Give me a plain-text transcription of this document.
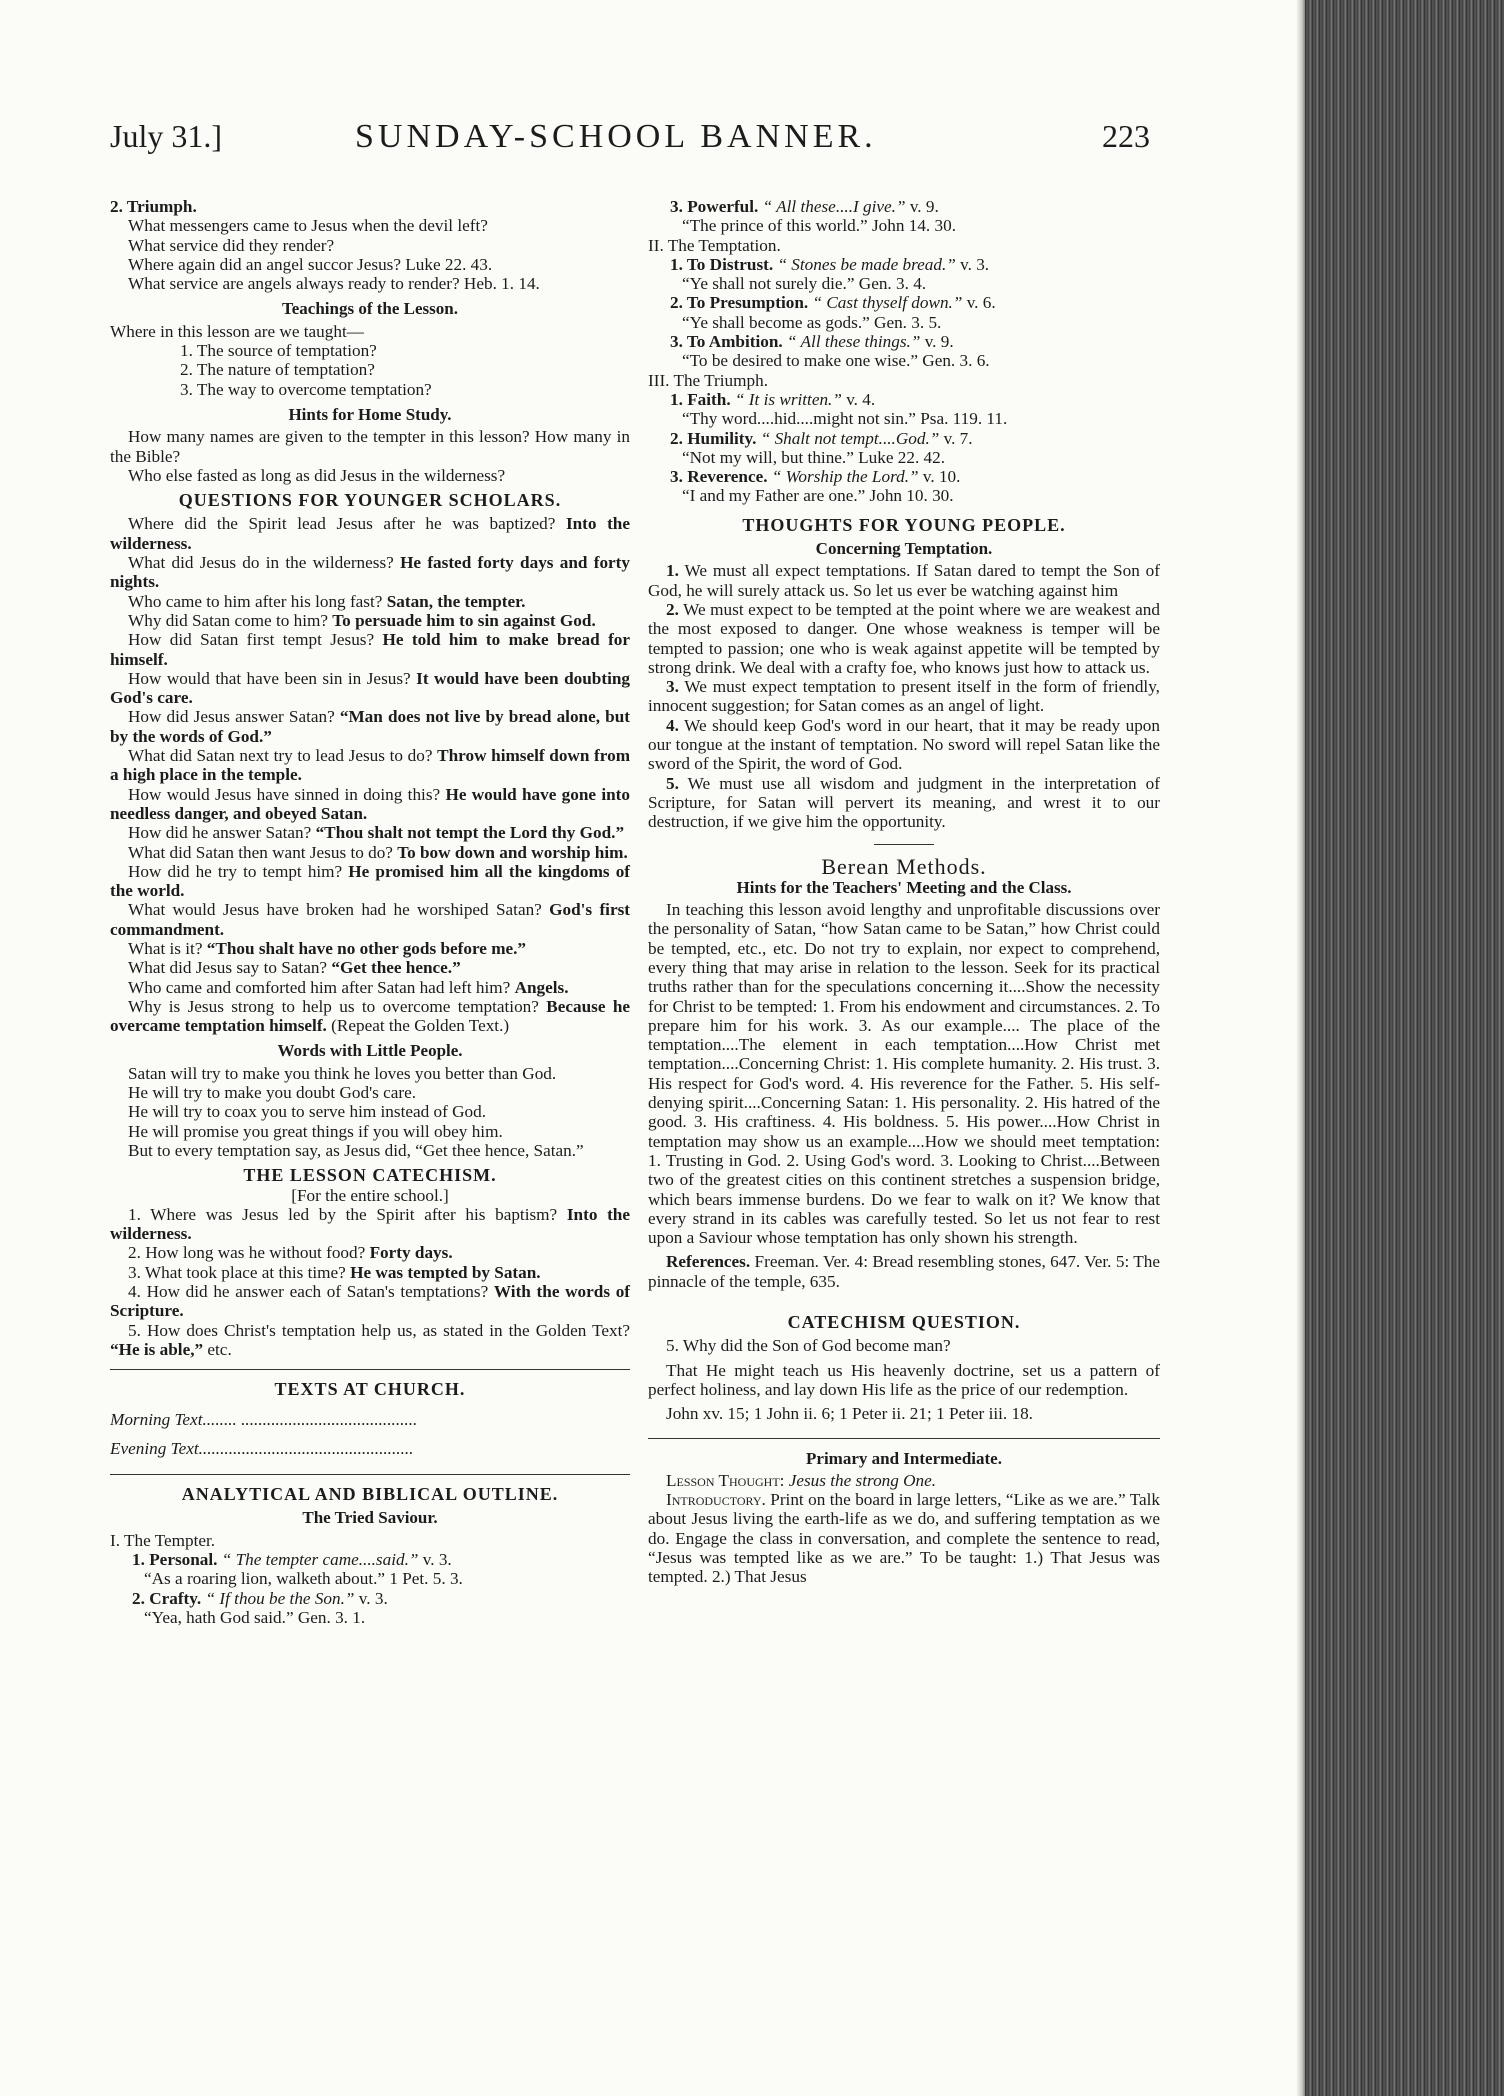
July 31.]	SUNDAY-SCHOOL BANNER.	223

2. Triumph.

What messengers came to Jesus when the devil left?

What service did they render?

Where again did an angel succor Jesus? Luke 22. 43.

What service are angels always ready to render? Heb. 1. 14.

Teachings of the Lesson.

Where in this lesson are we taught—

1. The source of temptation?

2. The nature of temptation?

3. The way to overcome temptation?

Hints for Home Study.

How many names are given to the tempter in this lesson? How many in the Bible?

Who else fasted as long as did Jesus in the wilderness?

QUESTIONS FOR YOUNGER SCHOLARS.

Where did the Spirit lead Jesus after he was baptized? Into the wilderness.

What did Jesus do in the wilderness? He fasted forty days and forty nights.

Who came to him after his long fast? Satan, the tempter.

Why did Satan come to him? To persuade him to sin against God.

How did Satan first tempt Jesus? He told him to make bread for himself.

How would that have been sin in Jesus? It would have been doubting God's care.

How did Jesus answer Satan? “Man does not live by bread alone, but by the words of God.”

What did Satan next try to lead Jesus to do? Throw himself down from a high place in the temple.

How would Jesus have sinned in doing this? He would have gone into needless danger, and obeyed Satan.

How did he answer Satan? “Thou shalt not tempt the Lord thy God.”

What did Satan then want Jesus to do? To bow down and worship him.

How did he try to tempt him? He promised him all the kingdoms of the world.

What would Jesus have broken had he worshiped Satan? God's first commandment.

What is it? “Thou shalt have no other gods before me.”

What did Jesus say to Satan? “Get thee hence.”

Who came and comforted him after Satan had left him? Angels.

Why is Jesus strong to help us to overcome temptation? Because he overcame temptation himself. (Repeat the Golden Text.)

Words with Little People.

Satan will try to make you think he loves you better than God.

He will try to make you doubt God's care.

He will try to coax you to serve him instead of God.

He will promise you great things if you will obey him.

But to every temptation say, as Jesus did, “Get thee hence, Satan.”

THE LESSON CATECHISM.

[For the entire school.]

1. Where was Jesus led by the Spirit after his baptism? Into the wilderness.

2. How long was he without food? Forty days.

3. What took place at this time? He was tempted by Satan.

4. How did he answer each of Satan's temptations? With the words of Scripture.

5. How does Christ's temptation help us, as stated in the Golden Text? “He is able,” etc.

TEXTS AT CHURCH.

Morning Text........ .........................................

Evening Text..................................................

ANALYTICAL AND BIBLICAL OUTLINE.

The Tried Saviour.

I. The Tempter.

1. Personal. “ The tempter came....said.” v. 3.

“As a roaring lion, walketh about.” 1 Pet. 5. 3.

2. Crafty. “ If thou be the Son.” v. 3.

“Yea, hath God said.” Gen. 3. 1.

3. Powerful. “ All these....I give.” v. 9.

“The prince of this world.” John 14. 30.

II. The Temptation.

1. To Distrust. “ Stones be made bread.” v. 3.

“Ye shall not surely die.” Gen. 3. 4.

2. To Presumption. “ Cast thyself down.” v. 6.

“Ye shall become as gods.” Gen. 3. 5.

3. To Ambition. “ All these things.” v. 9.

“To be desired to make one wise.” Gen. 3. 6.

III. The Triumph.

1. Faith. “ It is written.” v. 4.

“Thy word....hid....might not sin.” Psa. 119. 11.

2. Humility. “ Shalt not tempt....God.” v. 7.

“Not my will, but thine.” Luke 22. 42.

3. Reverence. “ Worship the Lord.” v. 10.

“I and my Father are one.” John 10. 30.

THOUGHTS FOR YOUNG PEOPLE.

Concerning Temptation.

1. We must all expect temptations. If Satan dared to tempt the Son of God, he will surely attack us. So let us ever be watching against him

2. We must expect to be tempted at the point where we are weakest and the most exposed to danger. One whose weakness is temper will be tempted to passion; one who is weak against appetite will be tempted by strong drink. We deal with a crafty foe, who knows just how to attack us.

3. We must expect temptation to present itself in the form of friendly, innocent suggestion; for Satan comes as an angel of light.

4. We should keep God's word in our heart, that it may be ready upon our tongue at the instant of temptation. No sword will repel Satan like the sword of the Spirit, the word of God.

5. We must use all wisdom and judgment in the interpretation of Scripture, for Satan will pervert its meaning, and wrest it to our destruction, if we give him the opportunity.

Berean Methods.

Hints for the Teachers' Meeting and the Class.

In teaching this lesson avoid lengthy and unprofitable discussions over the personality of Satan, “how Satan came to be Satan,” how Christ could be tempted, etc., etc. Do not try to explain, nor expect to comprehend, every thing that may arise in relation to the lesson. Seek for its practical truths rather than for the speculations concerning it....Show the necessity for Christ to be tempted: 1. From his endowment and circumstances. 2. To prepare him for his work. 3. As our example.... The place of the temptation....The element in each temptation....How Christ met temptation....Concerning Christ: 1. His complete humanity. 2. His trust. 3. His respect for God's word. 4. His reverence for the Father. 5. His self-denying spirit....Concerning Satan: 1. His personality. 2. His hatred of the good. 3. His craftiness. 4. His boldness. 5. His power....How Christ in temptation may show us an example....How we should meet temptation: 1. Trusting in God. 2. Using God's word. 3. Looking to Christ....Between two of the greatest cities on this continent stretches a suspension bridge, which bears immense burdens. Do we fear to walk on it? We know that every strand in its cables was carefully tested. So let us not fear to rest upon a Saviour whose temptation has only shown his strength.

References. Freeman. Ver. 4: Bread resembling stones, 647. Ver. 5: The pinnacle of the temple, 635.

CATECHISM QUESTION.

5. Why did the Son of God become man?

That He might teach us His heavenly doctrine, set us a pattern of perfect holiness, and lay down His life as the price of our redemption.

John xv. 15; 1 John ii. 6; 1 Peter ii. 21; 1 Peter iii. 18.

Primary and Intermediate.

Lesson Thought: Jesus the strong One.

Introductory. Print on the board in large letters, “Like as we are.” Talk about Jesus living the earth-life as we do, and suffering temptation as we do. Engage the class in conversation, and complete the sentence to read, “Jesus was tempted like as we are.” To be taught: 1.) That Jesus was tempted. 2.) That Jesus
